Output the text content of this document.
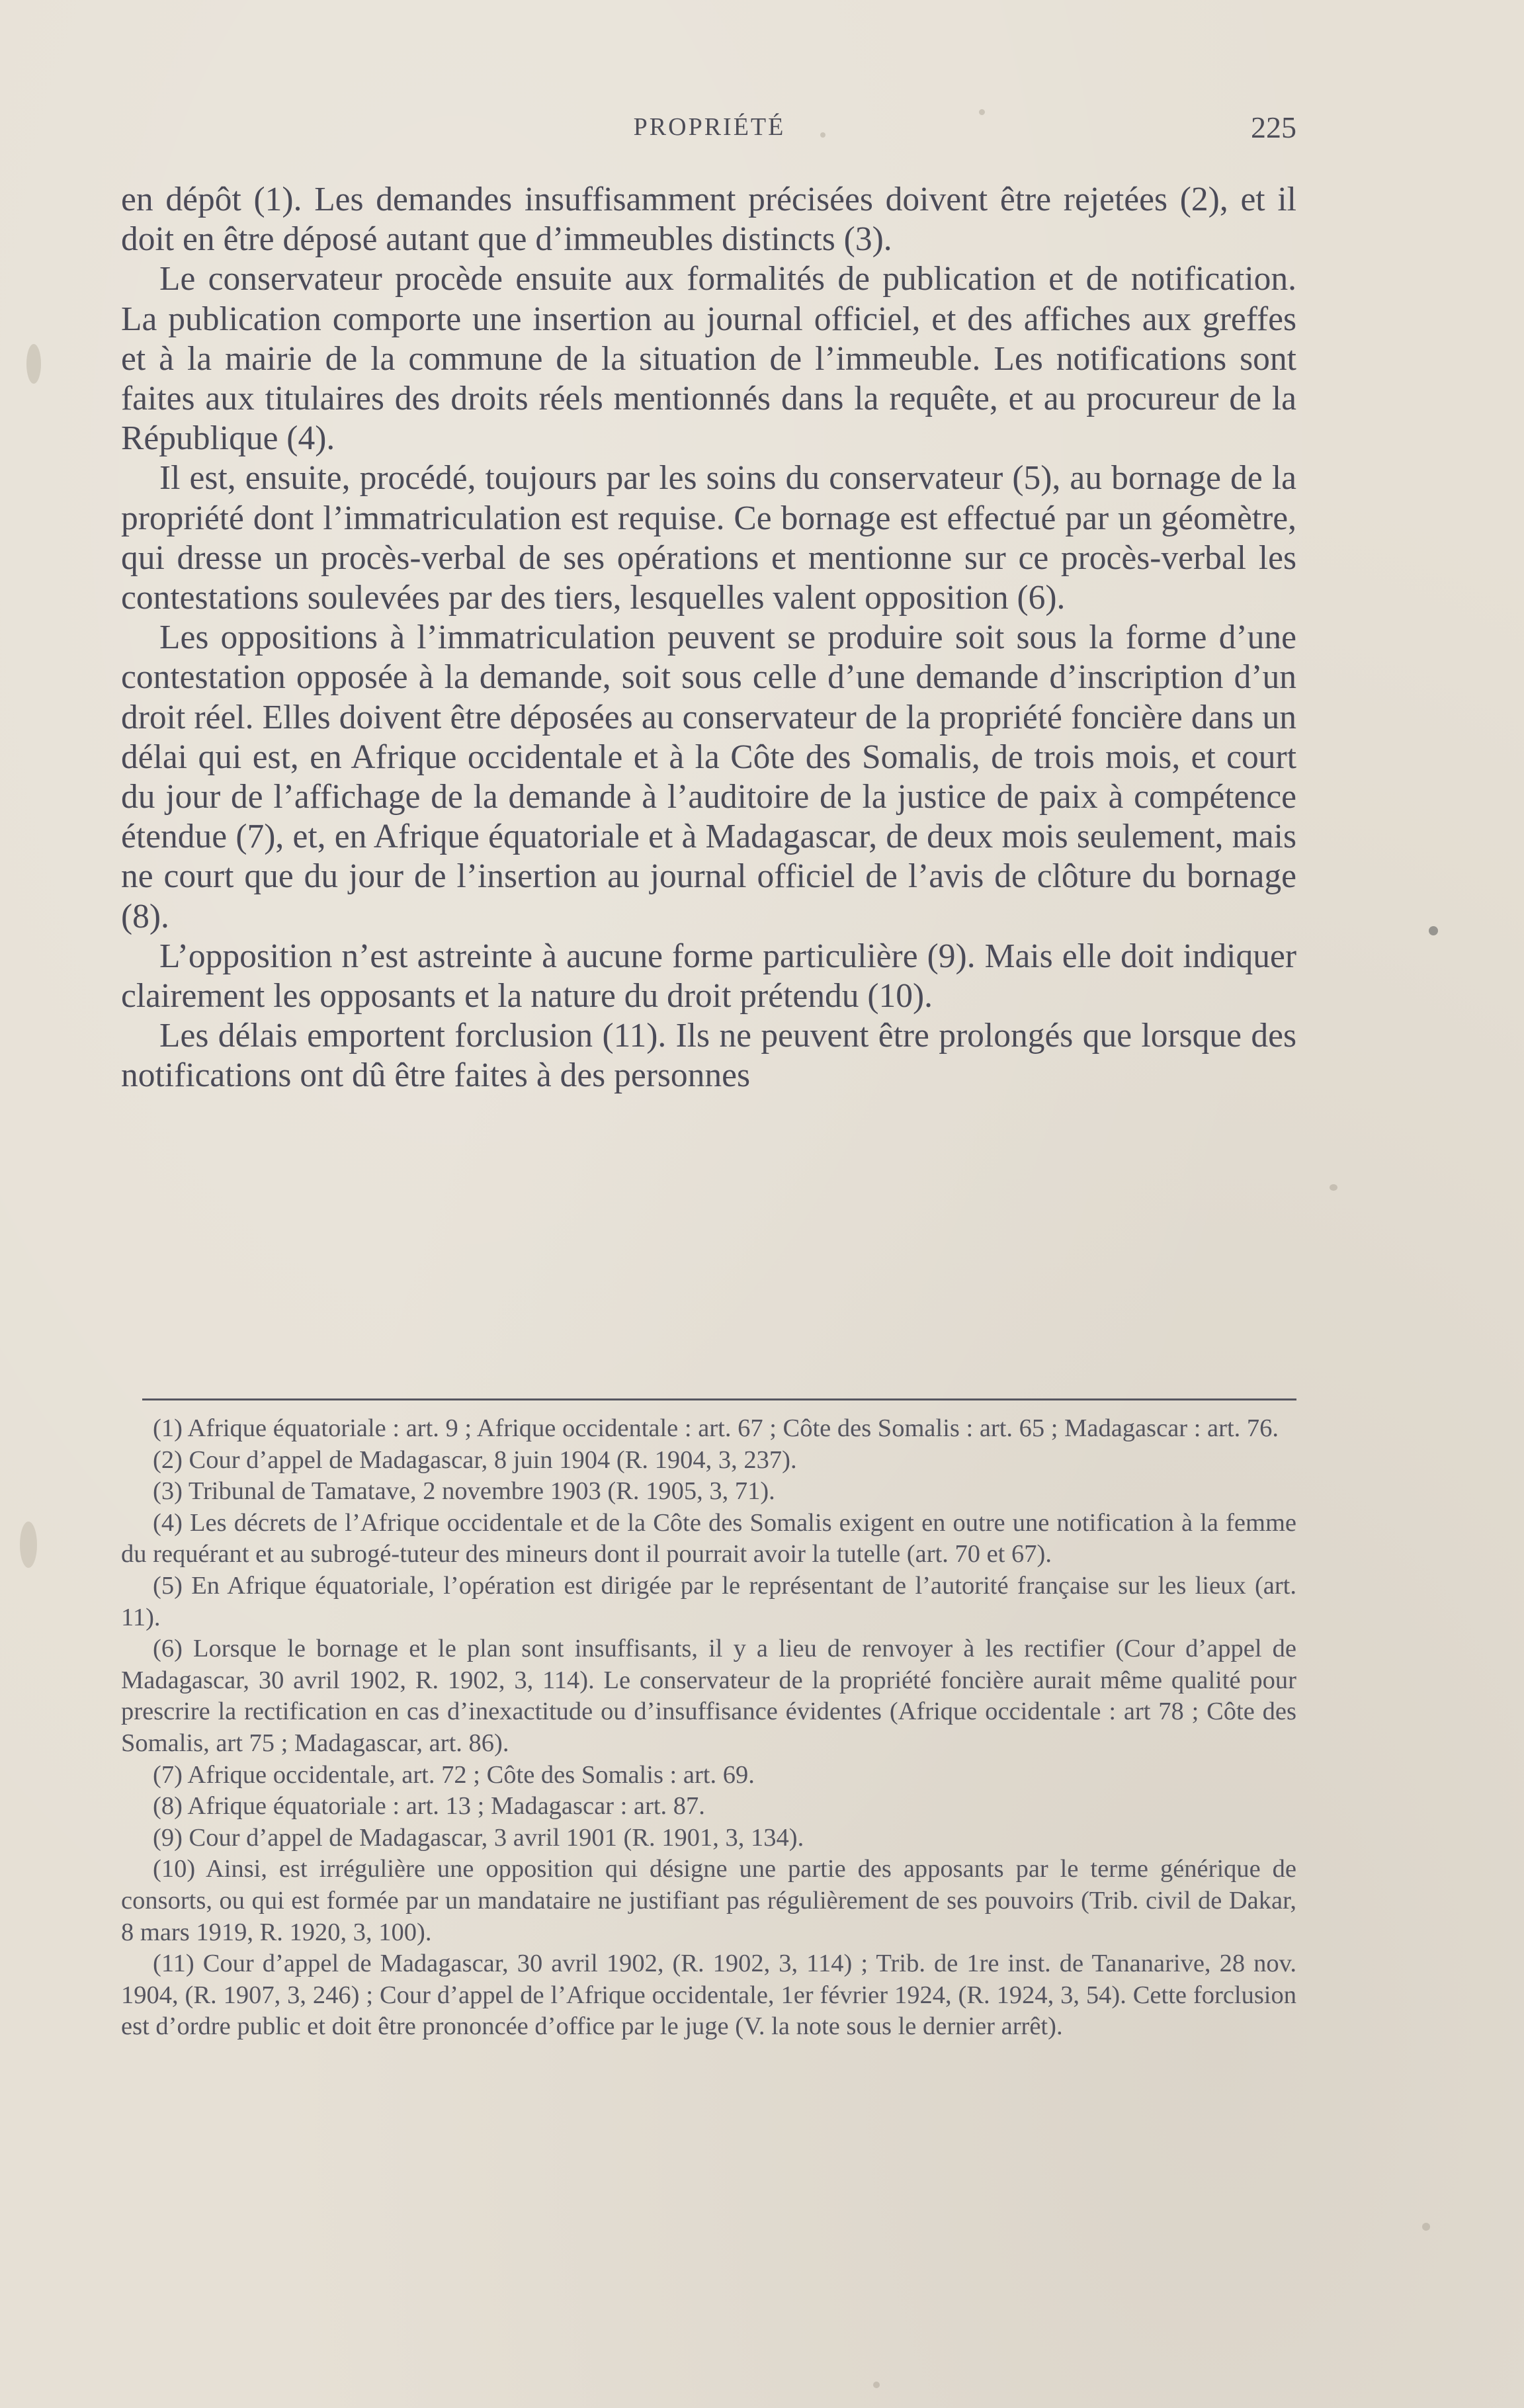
PROPRIÉTÉ	225

en dépôt (1). Les demandes insuffisamment précisées doivent être rejetées (2), et il doit en être déposé autant que d’immeubles distincts (3).

Le conservateur procède ensuite aux formalités de publication et de notification. La publication comporte une insertion au journal officiel, et des affiches aux greffes et à la mairie de la commune de la situation de l’immeuble. Les notifications sont faites aux titulaires des droits réels mentionnés dans la requête, et au procureur de la République (4).

Il est, ensuite, procédé, toujours par les soins du conservateur (5), au bornage de la propriété dont l’immatriculation est requise. Ce bornage est effectué par un géomètre, qui dresse un procès-verbal de ses opérations et mentionne sur ce procès-verbal les contestations soulevées par des tiers, lesquelles valent opposition (6).

Les oppositions à l’immatriculation peuvent se produire soit sous la forme d’une contestation opposée à la demande, soit sous celle d’une demande d’inscription d’un droit réel. Elles doivent être déposées au conservateur de la propriété foncière dans un délai qui est, en Afrique occidentale et à la Côte des Somalis, de trois mois, et court du jour de l’affichage de la demande à l’auditoire de la justice de paix à compétence étendue (7), et, en Afrique équatoriale et à Madagascar, de deux mois seulement, mais ne court que du jour de l’insertion au journal officiel de l’avis de clôture du bornage (8).

L’opposition n’est astreinte à aucune forme particulière (9). Mais elle doit indiquer clairement les opposants et la nature du droit prétendu (10).

Les délais emportent forclusion (11). Ils ne peuvent être prolongés que lorsque des notifications ont dû être faites à des personnes

(1) Afrique équatoriale : art. 9 ; Afrique occidentale : art. 67 ; Côte des Somalis : art. 65 ; Madagascar : art. 76.

(2) Cour d’appel de Madagascar, 8 juin 1904 (R. 1904, 3, 237).

(3) Tribunal de Tamatave, 2 novembre 1903 (R. 1905, 3, 71).

(4) Les décrets de l’Afrique occidentale et de la Côte des Somalis exigent en outre une notification à la femme du requérant et au subrogé-tuteur des mineurs dont il pourrait avoir la tutelle (art. 70 et 67).

(5) En Afrique équatoriale, l’opération est dirigée par le représentant de l’autorité française sur les lieux (art. 11).

(6) Lorsque le bornage et le plan sont insuffisants, il y a lieu de renvoyer à les rectifier (Cour d’appel de Madagascar, 30 avril 1902, R. 1902, 3, 114). Le conservateur de la propriété foncière aurait même qualité pour prescrire la rectification en cas d’inexactitude ou d’insuffisance évidentes (Afrique occidentale : art 78 ; Côte des Somalis, art 75 ; Madagascar, art. 86).

(7) Afrique occidentale, art. 72 ; Côte des Somalis : art. 69.

(8) Afrique équatoriale : art. 13 ; Madagascar : art. 87.

(9) Cour d’appel de Madagascar, 3 avril 1901 (R. 1901, 3, 134).

(10) Ainsi, est irrégulière une opposition qui désigne une partie des apposants par le terme générique de consorts, ou qui est formée par un mandataire ne justifiant pas régulièrement de ses pouvoirs (Trib. civil de Dakar, 8 mars 1919, R. 1920, 3, 100).

(11) Cour d’appel de Madagascar, 30 avril 1902, (R. 1902, 3, 114) ; Trib. de 1re inst. de Tananarive, 28 nov. 1904, (R. 1907, 3, 246) ; Cour d’appel de l’Afrique occidentale, 1er février 1924, (R. 1924, 3, 54). Cette forclusion est d’ordre public et doit être prononcée d’office par le juge (V. la note sous le dernier arrêt).
